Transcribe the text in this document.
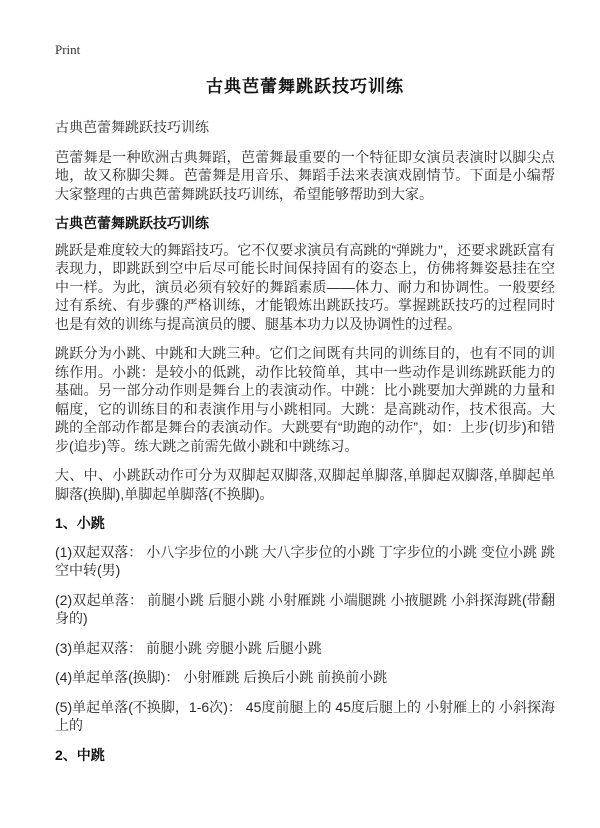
Print
古典芭蕾舞跳跃技巧训练

古典芭蕾舞跳跃技巧训练

芭蕾舞是一种欧洲古典舞蹈，芭蕾舞最重要的一个特征即女演员表演时以脚尖点地，故又称脚尖舞。芭蕾舞是用音乐、舞蹈手法来表演戏剧情节。下面是小编帮大家整理的古典芭蕾舞跳跃技巧训练，希望能够帮助到大家。

古典芭蕾舞跳跃技巧训练

跳跃是难度较大的舞蹈技巧。它不仅要求演员有高跳的“弹跳力”，还要求跳跃富有表现力，即跳跃到空中后尽可能长时间保持固有的姿态上，仿佛将舞姿悬挂在空中一样。为此，演员必须有较好的舞蹈素质——体力、耐力和协调性。一般要经过有系统、有步骤的严格训练，才能锻炼出跳跃技巧。掌握跳跃技巧的过程同时也是有效的训练与提高演员的腰、腿基本功力以及协调性的过程。

跳跃分为小跳、中跳和大跳三种。它们之间既有共同的训练目的，也有不同的训练作用。小跳：是较小的低跳，动作比较简单，其中一些动作是训练跳跃能力的基础。另一部分动作则是舞台上的表演动作。中跳：比小跳要加大弹跳的力量和幅度，它的训练目的和表演作用与小跳相同。大跳：是高跳动作，技术很高。大跳的全部动作都是舞台的表演动作。大跳要有“助跑的动作”，如：上步(切步)和错步(追步)等。练大跳之前需先做小跳和中跳练习。

大、中、小跳跃动作可分为双脚起双脚落,双脚起单脚落,单脚起双脚落,单脚起单脚落(换脚),单脚起单脚落(不换脚)。

1、小跳

(1)双起双落： 小八字步位的小跳 大八字步位的小跳 丁字步位的小跳 变位小跳 跳空中转(男)

(2)双起单落： 前腿小跳 后腿小跳 小射雁跳 小端腿跳 小掖腿跳 小斜探海跳(带翻身的)

(3)单起双落： 前腿小跳 旁腿小跳 后腿小跳

(4)单起单落(换脚)： 小射雁跳 后换后小跳 前换前小跳

(5)单起单落(不换脚，1-6次)： 45度前腿上的 45度后腿上的 小射雁上的 小斜探海上的

2、中跳
